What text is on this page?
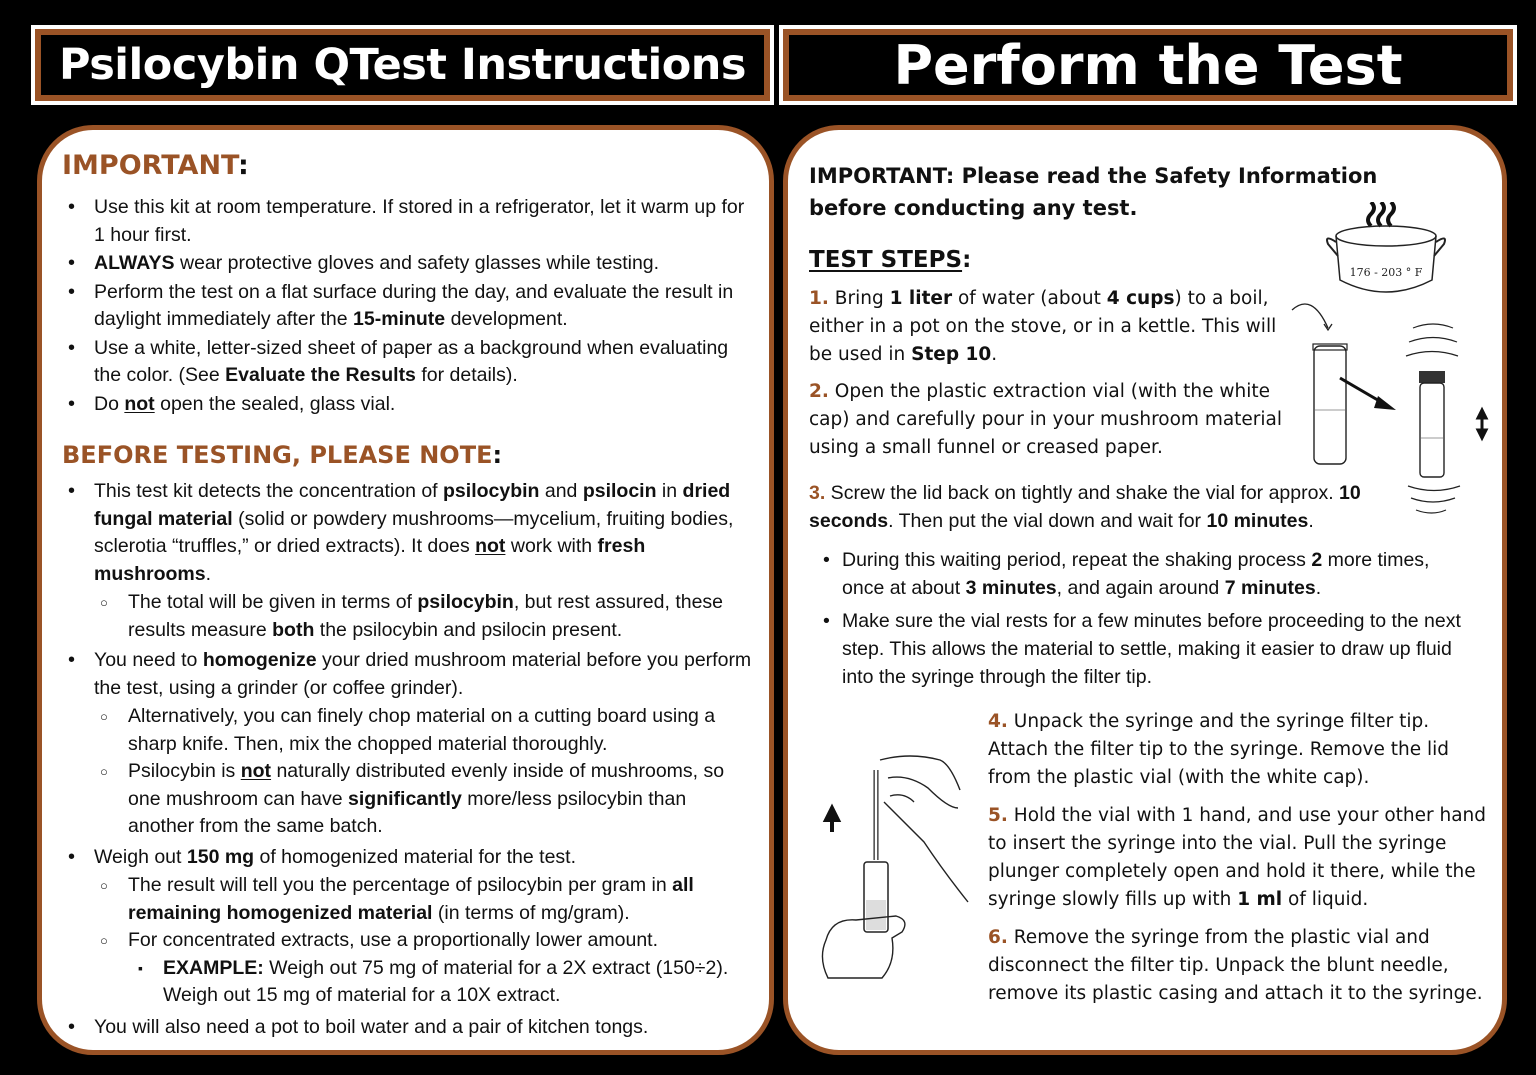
Psilocybin QTest Instructions	Perform the Test
IMPORTANT:
• Use this kit at room temperature. If stored in a refrigerator, let it warm up for 1 hour first.
• ALWAYS wear protective gloves and safety glasses while testing.
• Perform the test on a flat surface during the day, and evaluate the result in daylight immediately after the 15-minute development.
• Use a white, letter-sized sheet of paper as a background when evaluating the color. (See Evaluate the Results for details).
• Do not open the sealed, glass vial.
BEFORE TESTING, PLEASE NOTE:
• This test kit detects the concentration of psilocybin and psilocin in dried fungal material (solid or powdery mushrooms—mycelium, fruiting bodies, sclerotia “truffles,” or dried extracts). It does not work with fresh mushrooms.
○ The total will be given in terms of psilocybin, but rest assured, these results measure both the psilocybin and psilocin present.
• You need to homogenize your dried mushroom material before you perform the test, using a grinder (or coffee grinder).
○ Alternatively, you can finely chop material on a cutting board using a sharp knife. Then, mix the chopped material thoroughly.
○ Psilocybin is not naturally distributed evenly inside of mushrooms, so one mushroom can have significantly more/less psilocybin than another from the same batch.
• Weigh out 150 mg of homogenized material for the test.
○ The result will tell you the percentage of psilocybin per gram in all remaining homogenized material (in terms of mg/gram).
○ For concentrated extracts, use a proportionally lower amount.
▪ EXAMPLE: Weigh out 75 mg of material for a 2X extract (150÷2). Weigh out 15 mg of material for a 10X extract.
• You will also need a pot to boil water and a pair of kitchen tongs.
IMPORTANT: Please read the Safety Information before conducting any test.
TEST STEPS:	176 - 203 ° F
1. Bring 1 liter of water (about 4 cups) to a boil, either in a pot on the stove, or in a kettle. This will be used in Step 10.
2. Open the plastic extraction vial (with the white cap) and carefully pour in your mushroom material using a small funnel or creased paper.
3. Screw the lid back on tightly and shake the vial for approx. 10 seconds. Then put the vial down and wait for 10 minutes.
• During this waiting period, repeat the shaking process 2 more times, once at about 3 minutes, and again around 7 minutes.
• Make sure the vial rests for a few minutes before proceeding to the next step. This allows the material to settle, making it easier to draw up fluid into the syringe through the filter tip.
4. Unpack the syringe and the syringe filter tip. Attach the filter tip to the syringe. Remove the lid from the plastic vial (with the white cap).
5. Hold the vial with 1 hand, and use your other hand to insert the syringe into the vial. Pull the syringe plunger completely open and hold it there, while the syringe slowly fills up with 1 ml of liquid.
6. Remove the syringe from the plastic vial and disconnect the filter tip. Unpack the blunt needle, remove its plastic casing and attach it to the syringe.
